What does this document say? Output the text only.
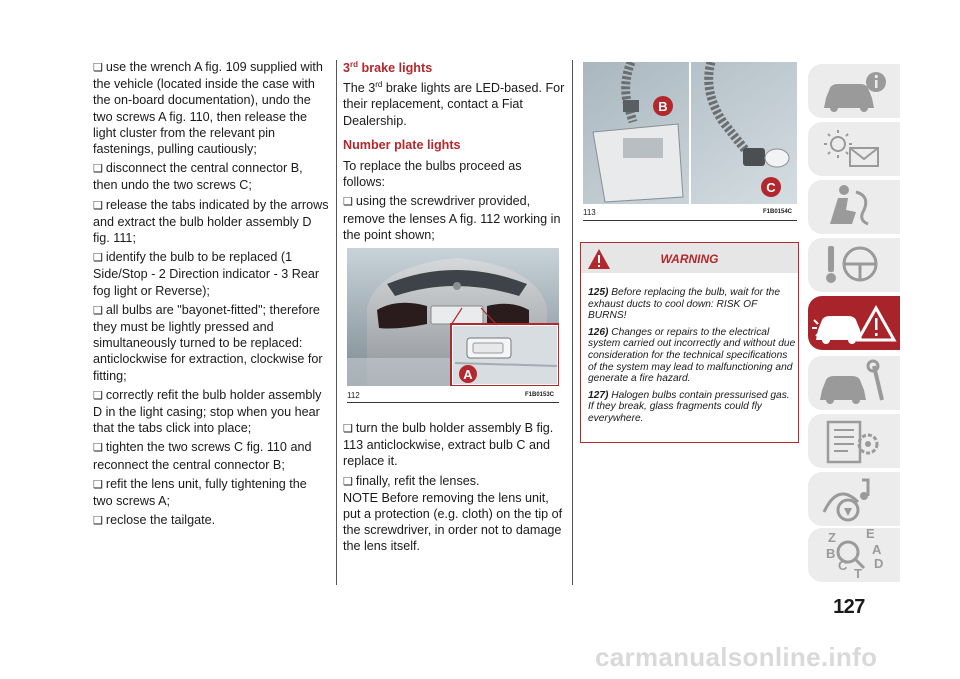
❑ use the wrench A fig. 109 supplied with the vehicle (located inside the case with the on-board documentation), undo the two screws A fig. 110, then release the light cluster from the relevant pin fastenings, pulling cautiously;
❑ disconnect the central connector B, then undo the two screws C;
❑ release the tabs indicated by the arrows and extract the bulb holder assembly D fig. 111;
❑ identify the bulb to be replaced (1 Side/Stop - 2 Direction indicator - 3 Rear fog light or Reverse);
❑ all bulbs are "bayonet-fitted"; therefore they must be lightly pressed and simultaneously turned to be replaced: anticlockwise for extraction, clockwise for fitting;
❑ correctly refit the bulb holder assembly D in the light casing; stop when you hear that the tabs click into place;
❑ tighten the two screws C fig. 110 and reconnect the central connector B;
❑ refit the lens unit, fully tightening the two screws A;
❑ reclose the tailgate.
3rd brake lights
The 3rd brake lights are LED-based. For their replacement, contact a Fiat Dealership.
Number plate lights
To replace the bulbs proceed as follows:
❑ using the screwdriver provided, remove the lenses A fig. 112 working in the point shown;
A
112	F1B0153C
❑ turn the bulb holder assembly B fig. 113 anticlockwise, extract bulb C and replace it.
❑ finally, refit the lenses.
NOTE Before removing the lens unit, put a protection (e.g. cloth) on the tip of the screwdriver, in order not to damage the lens itself.
B
C
113	F1B0154C
WARNING
125) Before replacing the bulb, wait for the exhaust ducts to cool down: RISK OF BURNS!
126) Changes or repairs to the electrical system carried out incorrectly and without due consideration for the technical specifications of the system may lead to malfunctioning and generate a fire hazard.
127) Halogen bulbs contain pressurised gas. If they break, glass fragments could fly everywhere.
Z E
B	A
C D
T
127
carmanualsonline.info
